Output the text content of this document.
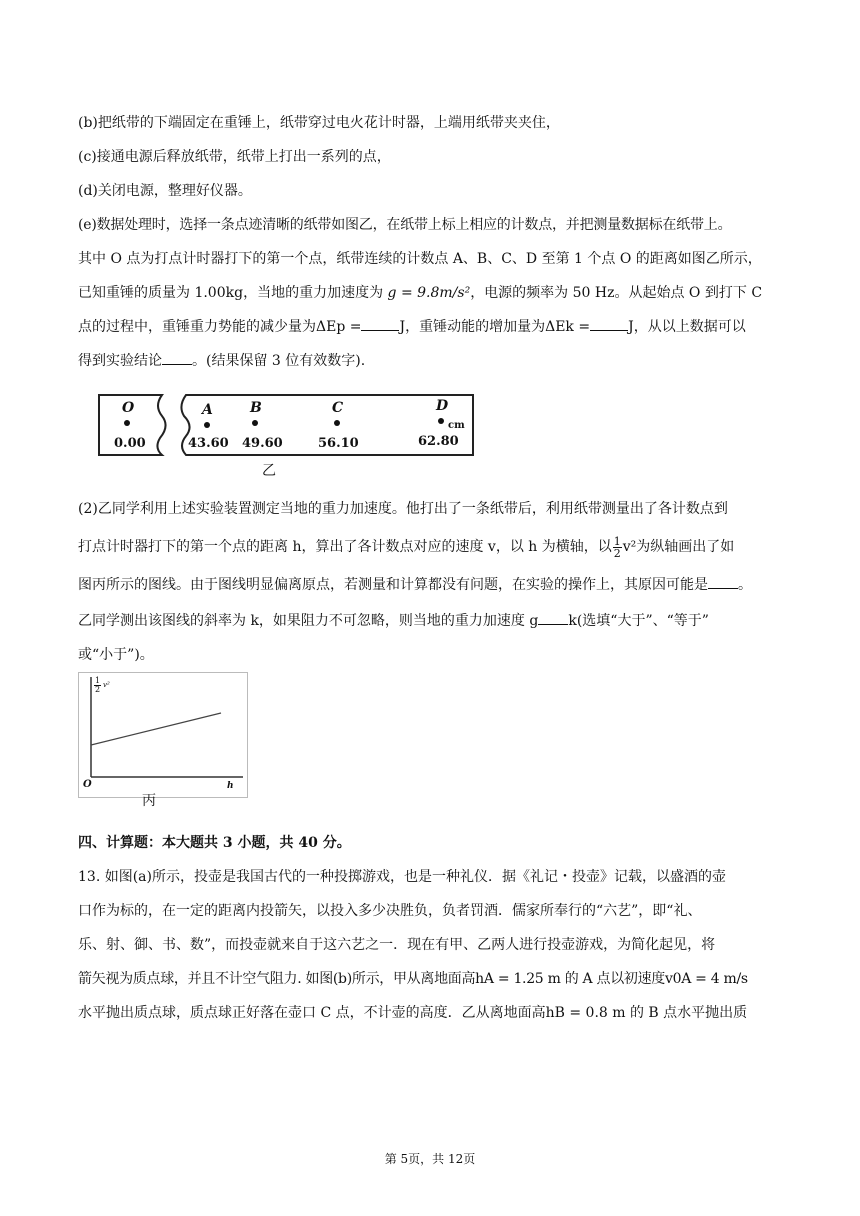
(b)把纸带的下端固定在重锤上，纸带穿过电火花计时器，上端用纸带夹夹住，

(c)接通电源后释放纸带，纸带上打出一系列的点，

(d)关闭电源，整理好仪器。

(e)数据处理时，选择一条点迹清晰的纸带如图乙，在纸带上标上相应的计数点，并把测量数据标在纸带上。

其中 O 点为打点计时器打下的第一个点，纸带连续的计数点 A、B、C、D 至第 1 个点 O 的距离如图乙所示，

已知重锤的质量为 1.00kg，当地的重力加速度为 g = 9.8m/s²，电源的频率为 50 Hz。从起始点 O 到打下 C

点的过程中，重锤重力势能的减少量为ΔEp =	J，重锤动能的增加量为ΔEk =	J，从以上数据可以

得到实验结论 。(结果保留 3 位有效数字).

O	A	B	C	D
0.00	43.60 49.60	56.10	62.80
cm
乙

(2)乙同学利用上述实验装置测定当地的重力加速度。他打出了一条纸带后，利用纸带测量出了各计数点到

打点计时器打下的第一个点的距离 h，算出了各计数点对应的速度 v，以 h 为横轴，以 $\frac{1}{2} v^2$为纵轴画出了如

图丙所示的图线。由于图线明显偏离原点，若测量和计算都没有问题，在实验的操作上，其原因可能是 。

乙同学测出该图线的斜率为 k，如果阻力不可忽略，则当地的重力加速度 g k(选填“大于”、“等于”

或“小于”)。

$\frac{1}{2} v^2$
O	h
丙
四、计算题：本大题共 3 小题，共 40 分。

13. 如图(a)所示，投壶是我国古代的一种投掷游戏，也是一种礼仪．据《礼记・投壶》记载，以盛酒的壶

口作为标的，在一定的距离内投箭矢，以投入多少决胜负，负者罚酒．儒家所奉行的“六艺”，即“礼、

乐、射、御、书、数”，而投壶就来自于这六艺之一．现在有甲、乙两人进行投壶游戏，为简化起见，将

箭矢视为质点球，并且不计空气阻力. 如图(b)所示，甲从离地面高hA = 1.25 m 的 A 点以初速度v0A = 4 m/s

水平抛出质点球，质点球正好落在壶口 C 点，不计壶的高度．乙从离地面高hB = 0.8 m 的 B 点水平抛出质

第 5页，共 12页
